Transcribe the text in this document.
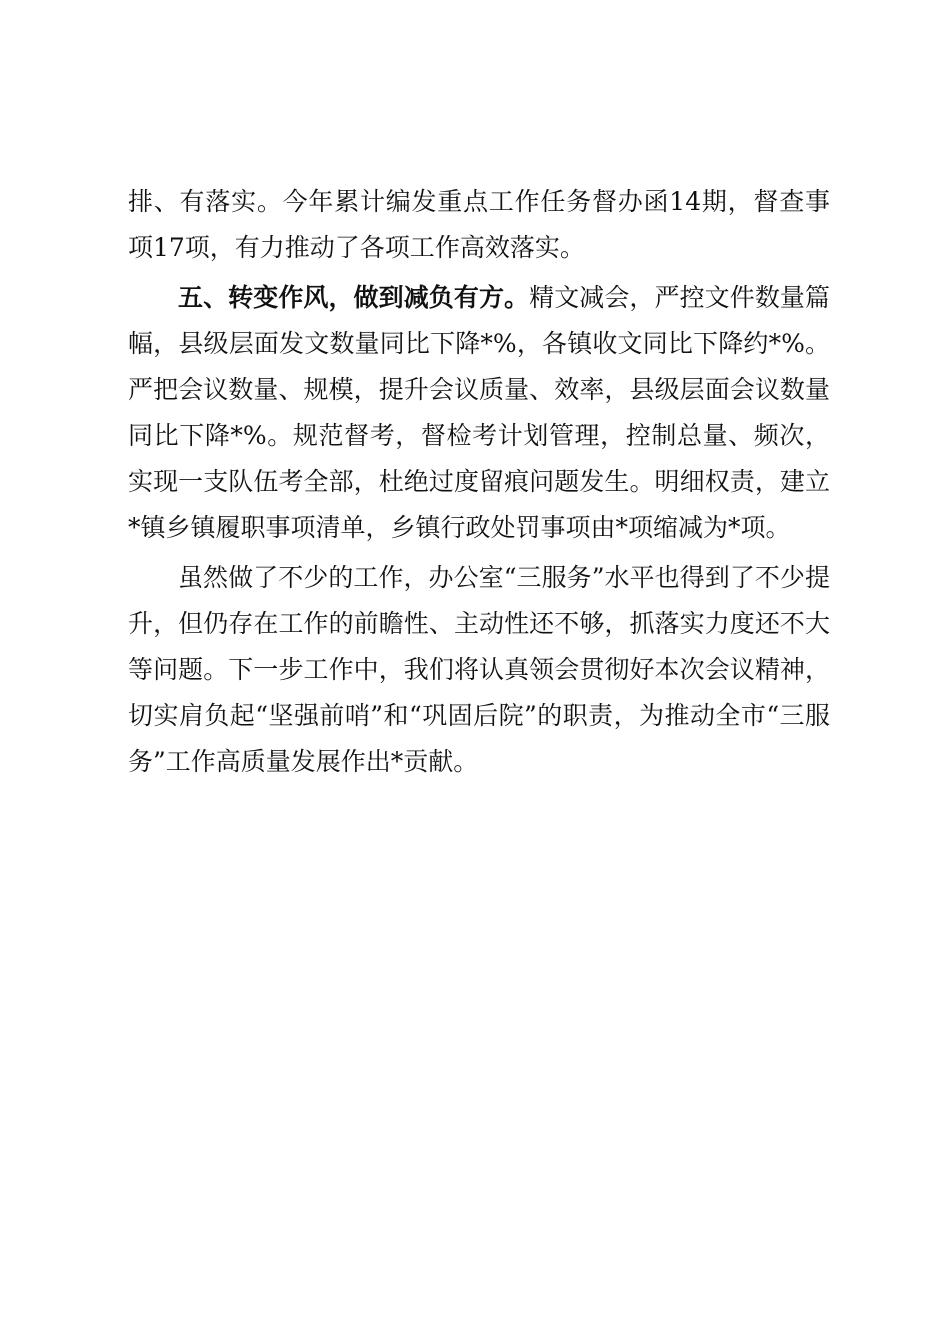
排、有落实。今年累计编发重点工作任务督办函14期，督查事项17项，有力推动了各项工作高效落实。

五、转变作风，做到减负有方。精文减会，严控文件数量篇幅，县级层面发文数量同比下降*%，各镇收文同比下降约*%。严把会议数量、规模，提升会议质量、效率，县级层面会议数量同比下降*%。规范督考，督检考计划管理，控制总量、频次，实现一支队伍考全部，杜绝过度留痕问题发生。明细权责，建立*镇乡镇履职事项清单，乡镇行政处罚事项由*项缩减为*项。

虽然做了不少的工作，办公室“三服务”水平也得到了不少提升，但仍存在工作的前瞻性、主动性还不够，抓落实力度还不大等问题。下一步工作中，我们将认真领会贯彻好本次会议精神，切实肩负起“坚强前哨”和“巩固后院”的职责，为推动全市“三服务”工作高质量发展作出*贡献。
